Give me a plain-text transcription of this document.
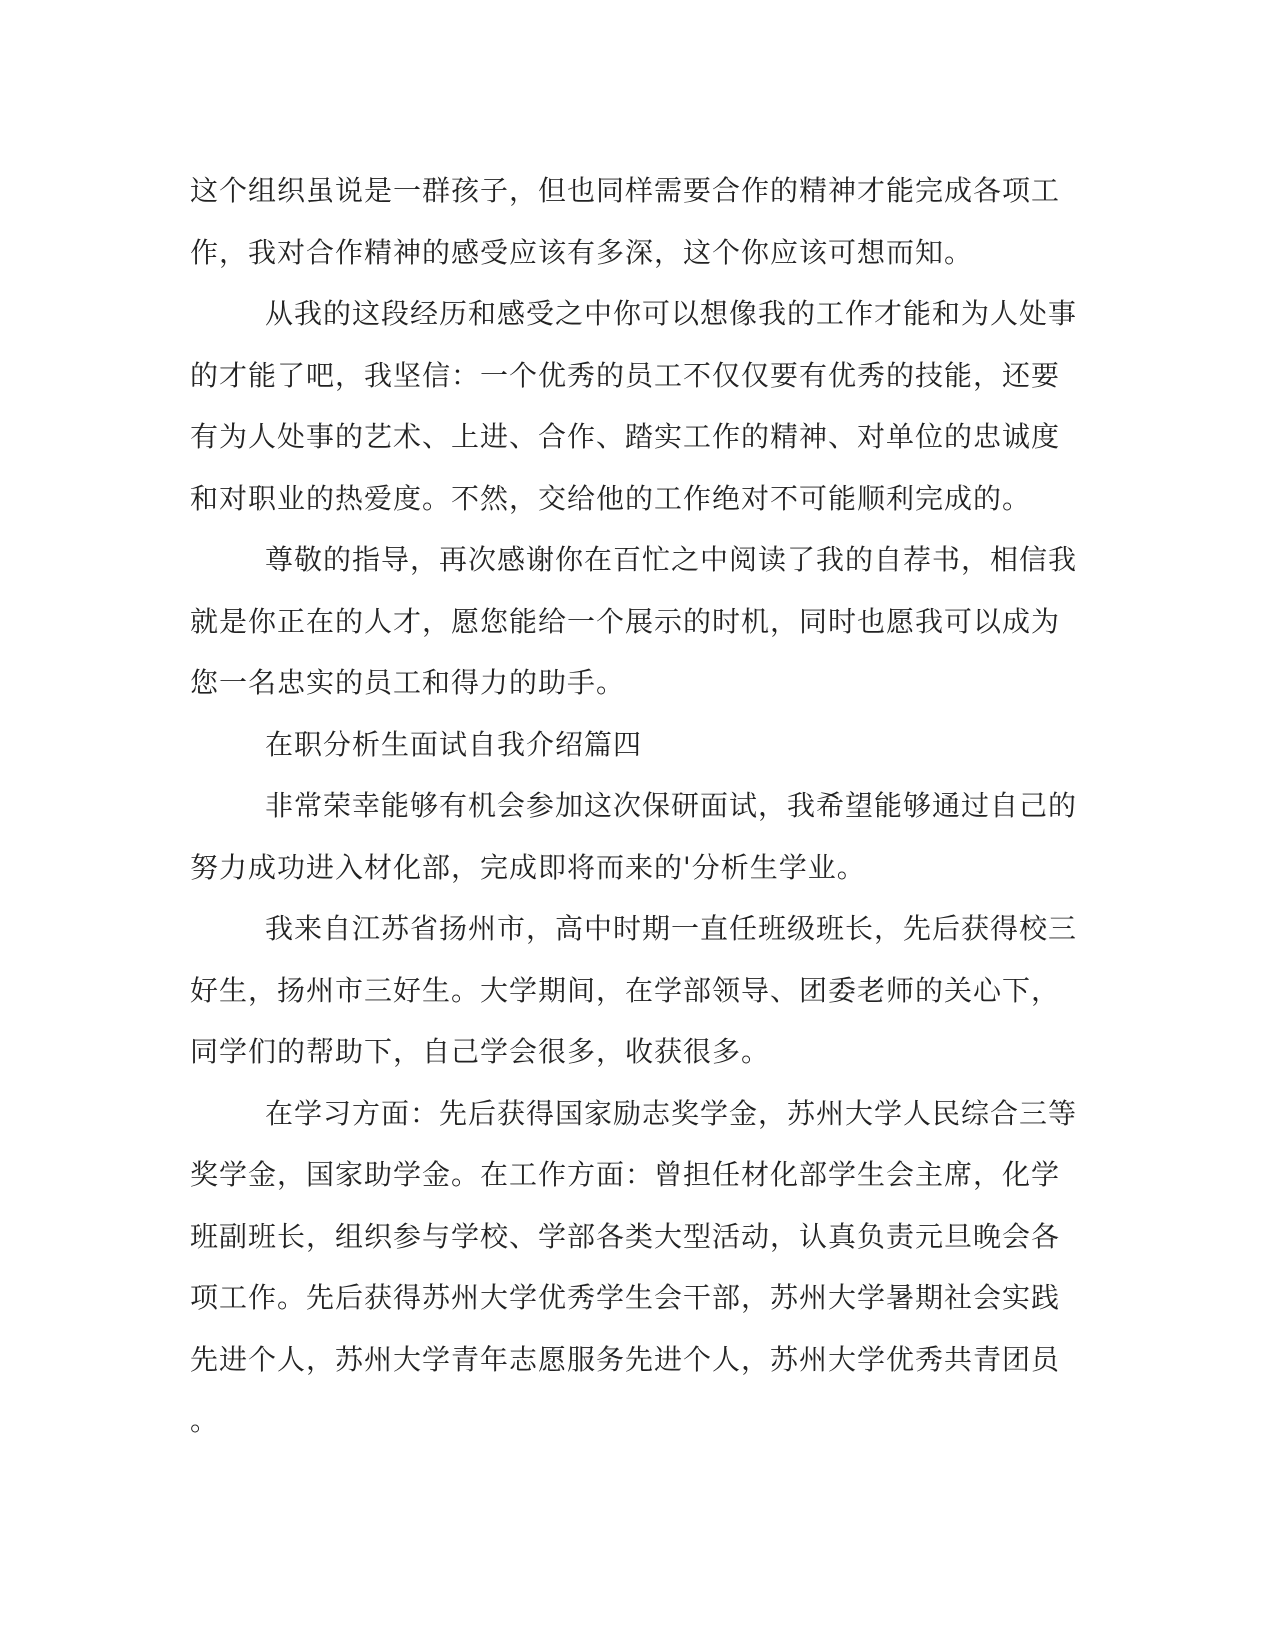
这个组织虽说是一群孩子，但也同样需要合作的精神才能完成各项工
作，我对合作精神的感受应该有多深，这个你应该可想而知。
从我的这段经历和感受之中你可以想像我的工作才能和为人处事
的才能了吧，我坚信：一个优秀的员工不仅仅要有优秀的技能，还要
有为人处事的艺术、上进、合作、踏实工作的精神、对单位的忠诚度
和对职业的热爱度。不然，交给他的工作绝对不可能顺利完成的。
尊敬的指导，再次感谢你在百忙之中阅读了我的自荐书，相信我
就是你正在的人才，愿您能给一个展示的时机，同时也愿我可以成为
您一名忠实的员工和得力的助手。
在职分析生面试自我介绍篇四
非常荣幸能够有机会参加这次保研面试，我希望能够通过自己的
努力成功进入材化部，完成即将而来的'分析生学业。
我来自江苏省扬州市，高中时期一直任班级班长，先后获得校三
好生，扬州市三好生。大学期间，在学部领导、团委老师的关心下，
同学们的帮助下，自己学会很多，收获很多。
在学习方面：先后获得国家励志奖学金，苏州大学人民综合三等
奖学金，国家助学金。在工作方面：曾担任材化部学生会主席，化学
班副班长，组织参与学校、学部各类大型活动，认真负责元旦晚会各
项工作。先后获得苏州大学优秀学生会干部，苏州大学暑期社会实践
先进个人，苏州大学青年志愿服务先进个人，苏州大学优秀共青团员
。
